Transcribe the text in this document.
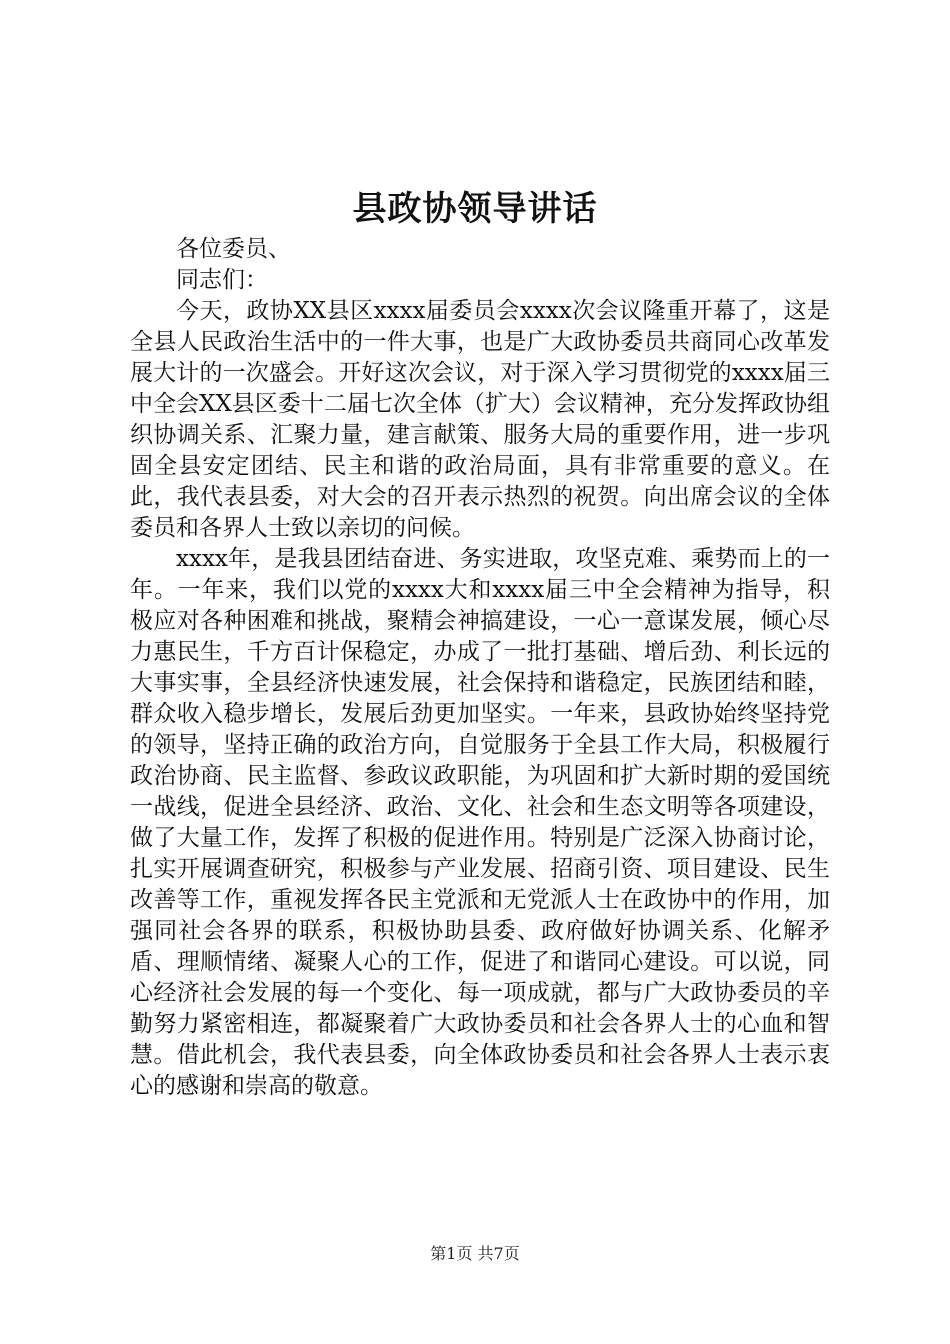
县政协领导讲话

各位委员、

同志们：

今天，政协XX县区xxxx届委员会xxxx次会议隆重开幕了，这是全县人民政治生活中的一件大事，也是广大政协委员共商同心改革发展大计的一次盛会。开好这次会议，对于深入学习贯彻党的xxxx届三中全会XX县区委十二届七次全体（扩大）会议精神，充分发挥政协组织协调关系、汇聚力量，建言献策、服务大局的重要作用，进一步巩固全县安定团结、民主和谐的政治局面，具有非常重要的意义。在此，我代表县委，对大会的召开表示热烈的祝贺。向出席会议的全体委员和各界人士致以亲切的问候。

xxxx年，是我县团结奋进、务实进取，攻坚克难、乘势而上的一年。一年来，我们以党的xxxx大和xxxx届三中全会精神为指导，积极应对各种困难和挑战，聚精会神搞建设，一心一意谋发展，倾心尽力惠民生，千方百计保稳定，办成了一批打基础、增后劲、利长远的大事实事，全县经济快速发展，社会保持和谐稳定，民族团结和睦，群众收入稳步增长，发展后劲更加坚实。一年来，县政协始终坚持党的领导，坚持正确的政治方向，自觉服务于全县工作大局，积极履行政治协商、民主监督、参政议政职能，为巩固和扩大新时期的爱国统一战线，促进全县经济、政治、文化、社会和生态文明等各项建设，做了大量工作，发挥了积极的促进作用。特别是广泛深入协商讨论，扎实开展调查研究，积极参与产业发展、招商引资、项目建设、民生改善等工作，重视发挥各民主党派和无党派人士在政协中的作用，加强同社会各界的联系，积极协助县委、政府做好协调关系、化解矛盾、理顺情绪、凝聚人心的工作，促进了和谐同心建设。可以说，同心经济社会发展的每一个变化、每一项成就，都与广大政协委员的辛勤努力紧密相连，都凝聚着广大政协委员和社会各界人士的心血和智慧。借此机会，我代表县委，向全体政协委员和社会各界人士表示衷心的感谢和崇高的敬意。

第1页 共7页
